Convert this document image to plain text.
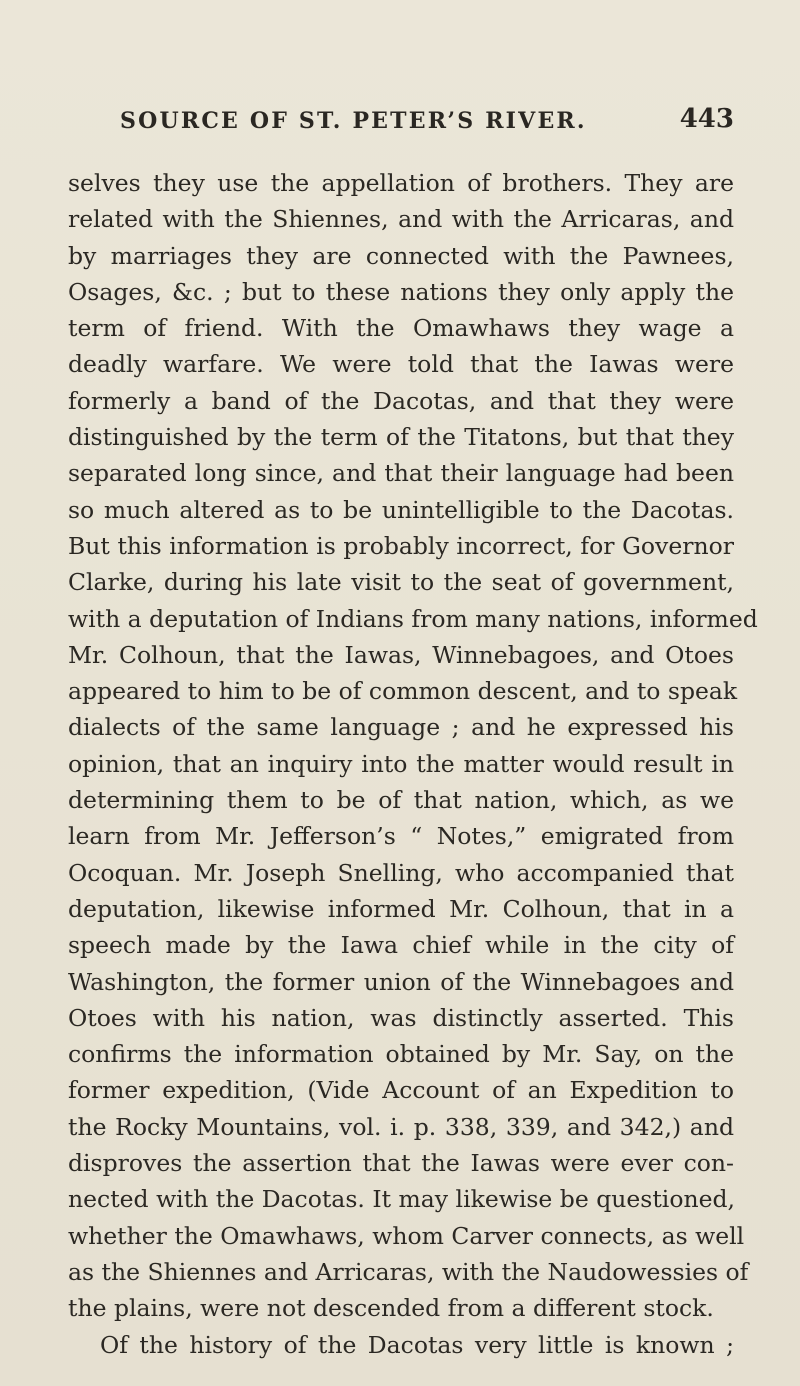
SOURCE OF ST. PETER’S RIVER.	443
selves they use the appellation of brothers. They are
related with the Shiennes, and with the Arricaras, and
by marriages they are connected with the Pawnees,
Osages, &c. ; but to these nations they only apply the
term of friend. With the Omawhaws they wage a
deadly warfare. We were told that the Iawas were
formerly a band of the Dacotas, and that they were
distinguished by the term of the Titatons, but that they
separated long since, and that their language had been
so much altered as to be unintelligible to the Dacotas.
But this information is probably incorrect, for Governor
Clarke, during his late visit to the seat of government,
with a deputation of Indians from many nations, informed
Mr. Colhoun, that the Iawas, Winnebagoes, and Otoes
appeared to him to be of common descent, and to speak
dialects of the same language ; and he expressed his
opinion, that an inquiry into the matter would result in
determining them to be of that nation, which, as we
learn from Mr. Jefferson’s “ Notes,” emigrated from
Ocoquan. Mr. Joseph Snelling, who accompanied that
deputation, likewise informed Mr. Colhoun, that in a
speech made by the Iawa chief while in the city of
Washington, the former union of the Winnebagoes and
Otoes with his nation, was distinctly asserted. This
confirms the information obtained by Mr. Say, on the
former expedition, (Vide Account of an Expedition to
the Rocky Mountains, vol. i. p. 338, 339, and 342,) and
disproves the assertion that the Iawas were ever con-
nected with the Dacotas. It may likewise be questioned,
whether the Omawhaws, whom Carver connects, as well
as the Shiennes and Arricaras, with the Naudowessies of
the plains, were not descended from a different stock.
Of the history of the Dacotas very little is known ;
